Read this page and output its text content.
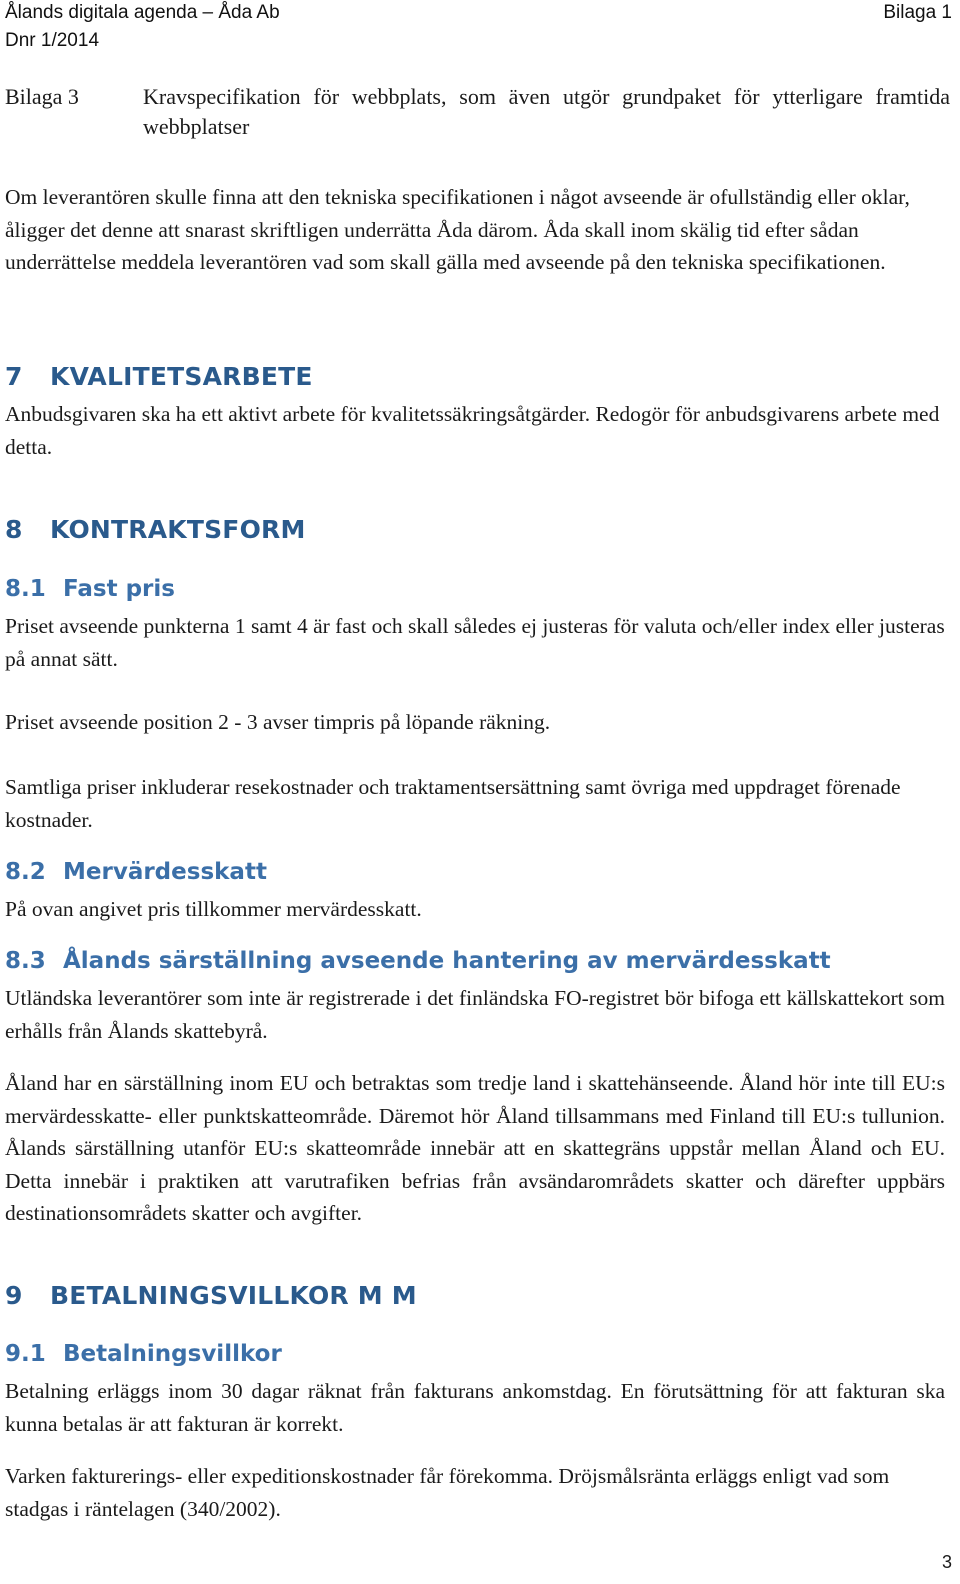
Ålands digitala agenda – Åda Ab
Dnr 1/2014
Bilaga 1
Bilaga 3	Kravspecifikation för webbplats, som även utgör grundpaket för ytterligare framtida webbplatser

Om leverantören skulle finna att den tekniska specifikationen i något avseende är ofullständig eller oklar, åligger det denne att snarast skriftligen underrätta Åda därom. Åda skall inom skälig tid efter sådan underrättelse meddela leverantören vad som skall gälla med avseende på den tekniska specifikationen.

7 KVALITETSARBETE

Anbudsgivaren ska ha ett aktivt arbete för kvalitetssäkringsåtgärder. Redogör för anbudsgivarens arbete med detta.

8 KONTRAKTSFORM
8.1 Fast pris

Priset avseende punkterna 1 samt 4 är fast och skall således ej justeras för valuta och/eller index eller justeras på annat sätt.

Priset avseende position 2 - 3 avser timpris på löpande räkning.

Samtliga priser inkluderar resekostnader och traktamentsersättning samt övriga med uppdraget förenade kostnader.

8.2 Mervärdesskatt

På ovan angivet pris tillkommer mervärdesskatt.

8.3 Ålands särställning avseende hantering av mervärdesskatt

Utländska leverantörer som inte är registrerade i det finländska FO-registret bör bifoga ett källskattekort som erhålls från Ålands skattebyrå.

Åland har en särställning inom EU och betraktas som tredje land i skattehänseende. Åland hör inte till EU:s mervärdesskatte- eller punktskatteområde. Däremot hör Åland tillsammans med Finland till EU:s tullunion. Ålands särställning utanför EU:s skatteområde innebär att en skattegräns uppstår mellan Åland och EU. Detta innebär i praktiken att varutrafiken befrias från avsändarområdets skatter och därefter uppbärs destinationsområdets skatter och avgifter.

9 BETALNINGSVILLKOR M M
9.1 Betalningsvillkor

Betalning erläggs inom 30 dagar räknat från fakturans ankomstdag. En förutsättning för att fakturan ska kunna betalas är att fakturan är korrekt.

Varken fakturerings- eller expeditionskostnader får förekomma. Dröjsmålsränta erläggs enligt vad som stadgas i räntelagen (340/2002).

3
